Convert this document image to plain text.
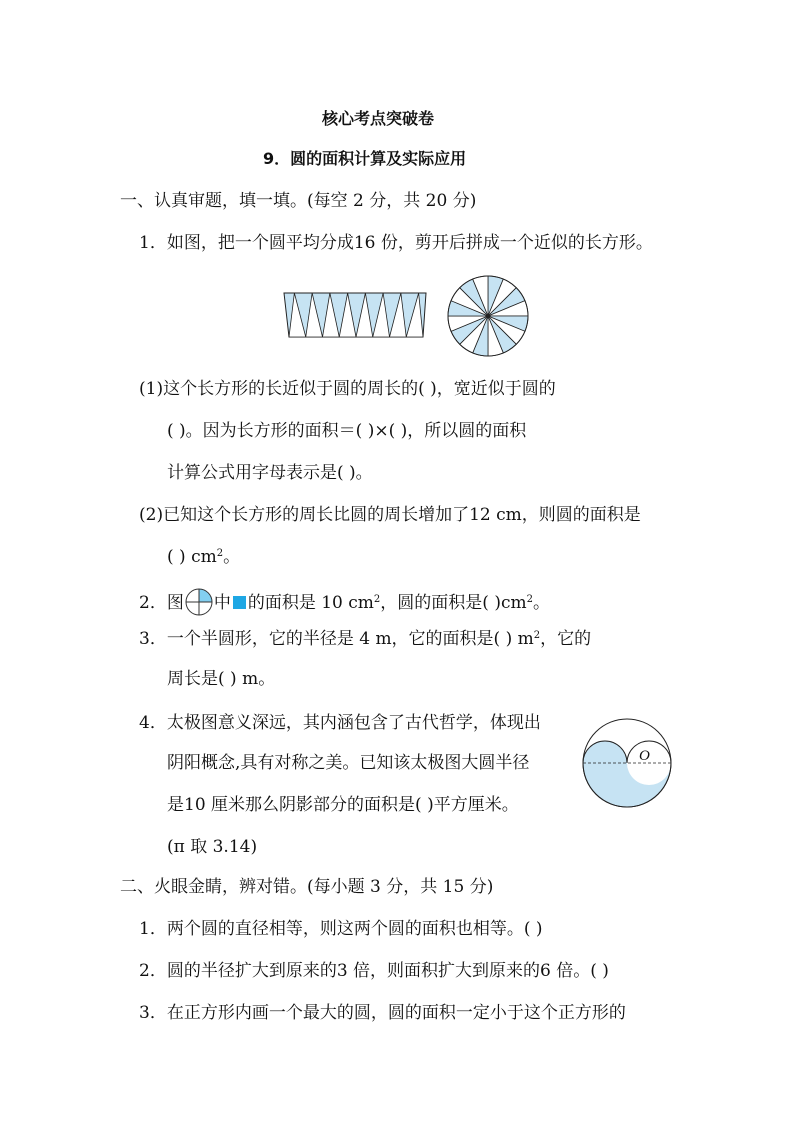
核心考点突破卷
9．圆的面积计算及实际应用
一、认真审题，填一填。(每空 2 分，共 20 分)
1．如图，把一个圆平均分成16 份，剪开后拼成一个近似的长方形。
(1)这个长方形的长近似于圆的周长的( )，宽近似于圆的
( )。因为长方形的面积＝( )×( )，所以圆的面积
计算公式用字母表示是( )。
(2)已知这个长方形的周长比圆的周长增加了12 cm，则圆的面积是
( ) $cm^2$。
2．图 中 的面积是 10 $cm^2$，圆的面积是( )$cm^2$。
3．一个半圆形，它的半径是 4 m，它的面积是( ) $m^2$，它的
周长是( ) m。
4．太极图意义深远，其内涵包含了古代哲学，体现出
阴阳概念,具有对称之美。已知该太极图大圆半径
是10 厘米那么阴影部分的面积是( )平方厘米。
(π 取 3.14)
O
二、火眼金睛，辨对错。(每小题 3 分，共 15 分)
1．两个圆的直径相等，则这两个圆的面积也相等。( )
2．圆的半径扩大到原来的3 倍，则面积扩大到原来的6 倍。( )
3．在正方形内画一个最大的圆，圆的面积一定小于这个正方形的
